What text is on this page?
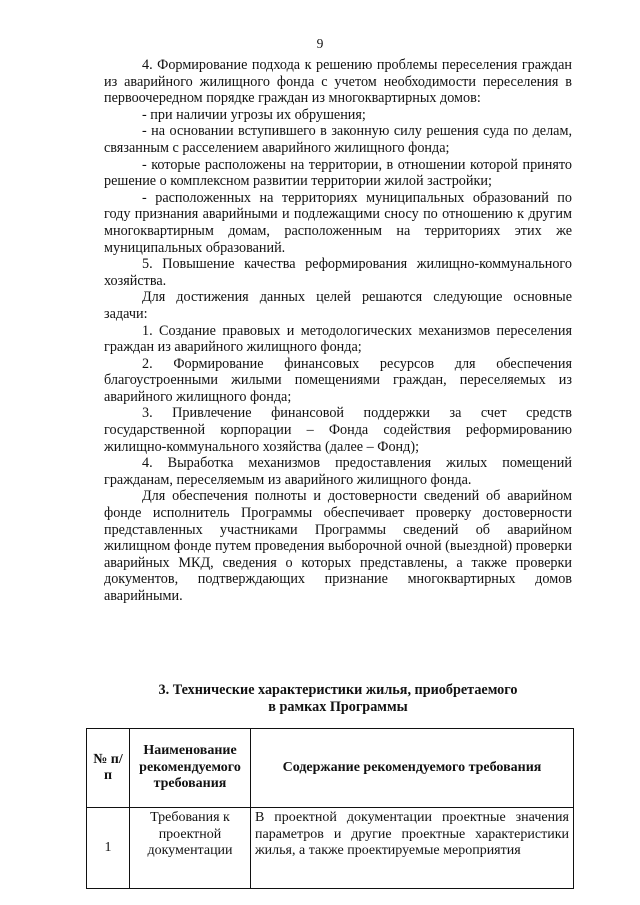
9

4. Формирование подхода к решению проблемы переселения граждан из аварийного жилищного фонда с учетом необходимости переселения в первоочередном порядке граждан из многоквартирных домов:

- при наличии угрозы их обрушения;

- на основании вступившего в законную силу решения суда по делам, связанным с расселением аварийного жилищного фонда;

- которые расположены на территории, в отношении которой принято решение о комплексном развитии территории жилой застройки;

- расположенных на территориях муниципальных образований по году признания аварийными и подлежащими сносу по отношению к другим многоквартирным домам, расположенным на территориях этих же муниципальных образований.

5. Повышение качества реформирования жилищно-коммунального хозяйства.

Для достижения данных целей решаются следующие основные задачи:

1. Создание правовых и методологических механизмов переселения граждан из аварийного жилищного фонда;

2. Формирование финансовых ресурсов для обеспечения благоустроенными жилыми помещениями граждан, переселяемых из аварийного жилищного фонда;

3. Привлечение финансовой поддержки за счет средств государственной корпорации – Фонда содействия реформированию жилищно-коммунального хозяйства (далее – Фонд);

4. Выработка механизмов предоставления жилых помещений гражданам, переселяемым из аварийного жилищного фонда.

Для обеспечения полноты и достоверности сведений об аварийном фонде исполнитель Программы обеспечивает проверку достоверности представленных участниками Программы сведений об аварийном жилищном фонде путем проведения выборочной очной (выездной) проверки аварийных МКД, сведения о которых представлены, а также проверки документов, подтверждающих признание многоквартирных домов аварийными.

3. Технические характеристики жилья, приобретаемого
в рамках Программы
№ п/п	Наименование рекомендуемого требования	Содержание рекомендуемого требования
1	Требования к проектной документации	В проектной документации проектные значения параметров и другие проектные характеристики жилья, а также проектируемые мероприятия
